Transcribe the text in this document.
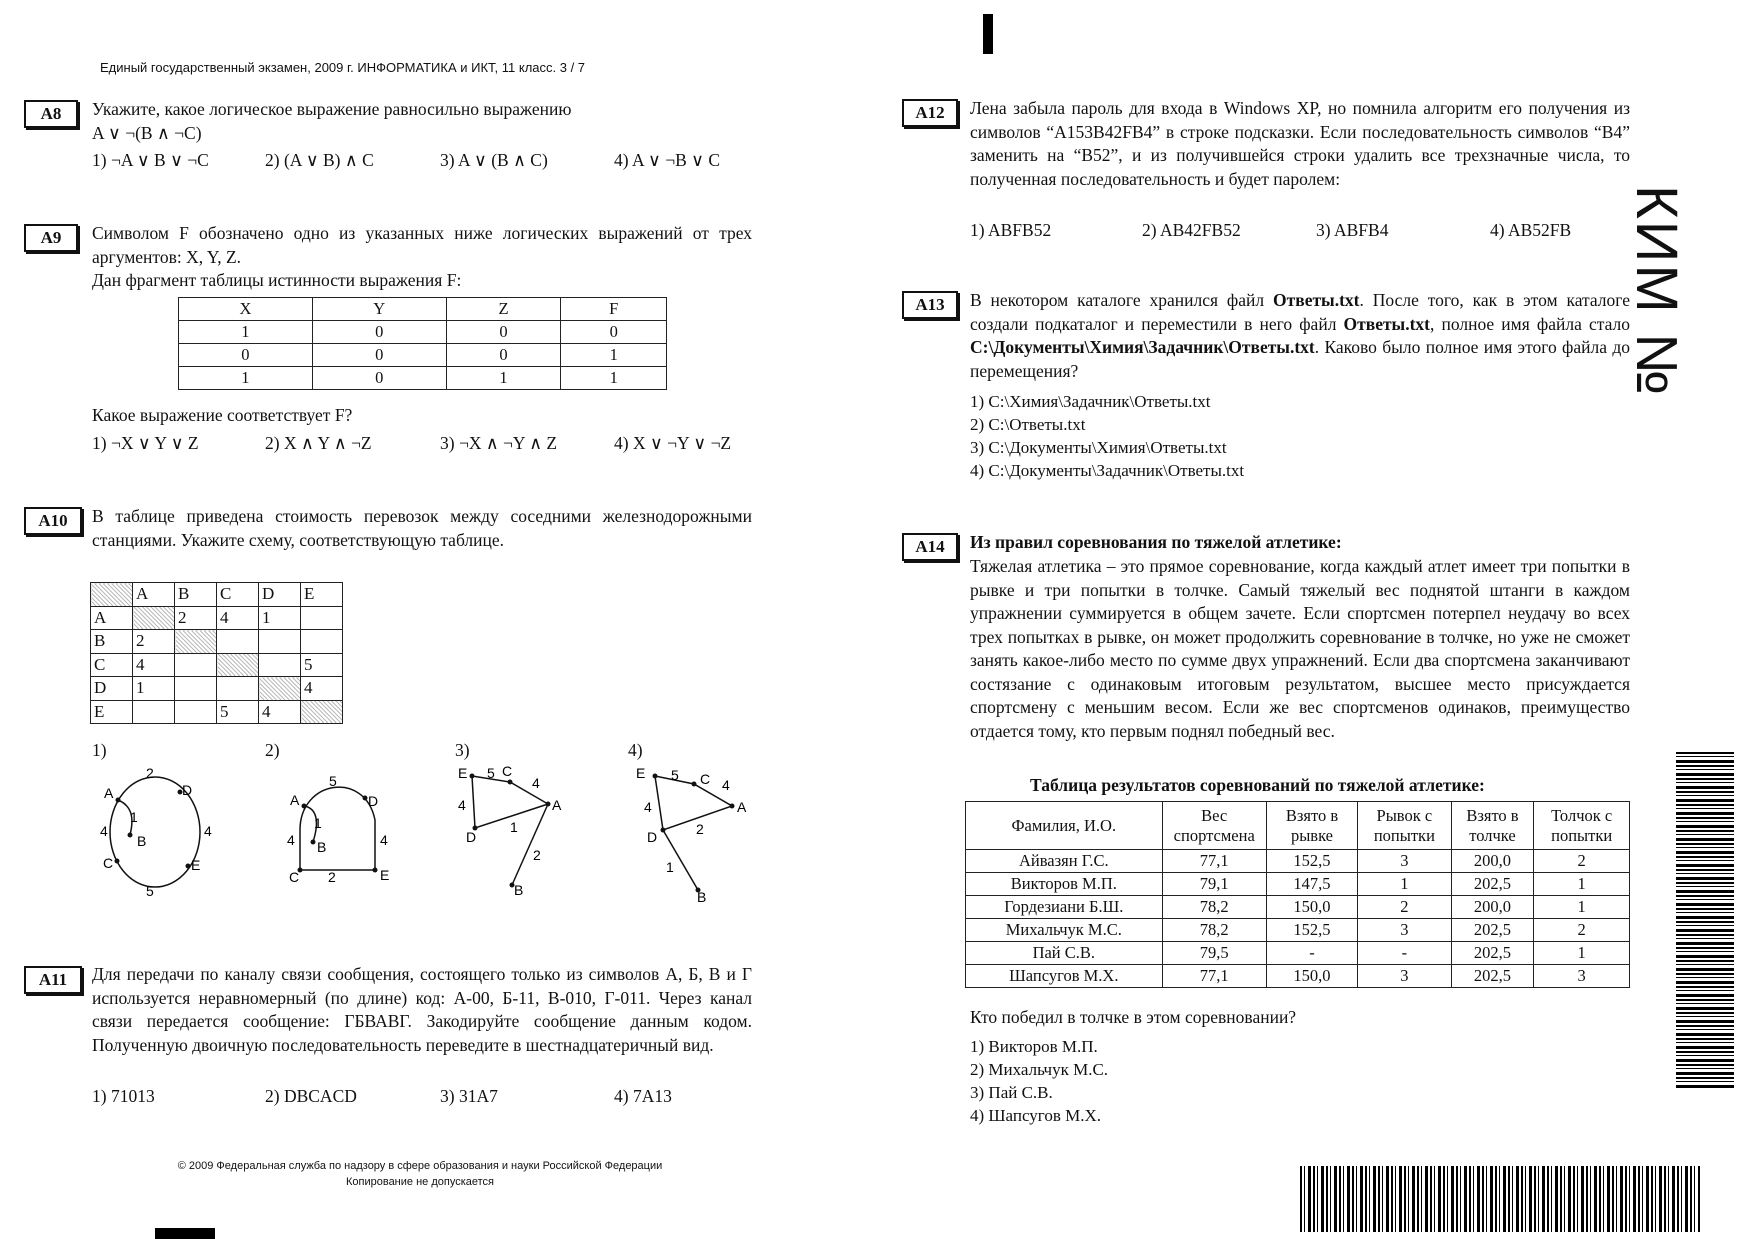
Единый государственный экзамен, 2009 г. ИНФОРМАТИКА и ИКТ, 11 класс. 3 / 7
КИМ №
A8	Укажите, какое логическое выражение равносильно выражению
A ∨ ¬(B ∧ ¬C)
1) ¬A ∨ B ∨ ¬C	2) (A ∨ B) ∧ C	3) A ∨ (B ∧ C)	4) A ∨ ¬B ∨ C
A9	Символом F обозначено одно из указанных ниже логических выражений от трех аргументов: X, Y, Z.
Дан фрагмент таблицы истинности выражения F:
X	Y	Z	F
1	0	0	0
0	0	0	1
1	0	1	1
Какое выражение соответствует F?
1) ¬X ∨ Y ∨ Z	2) X ∧ Y ∧ ¬Z	3) ¬X ∧ ¬Y ∧ Z	4) X ∨ ¬Y ∨ ¬Z
A10	В таблице приведена стоимость перевозок между соседними железнодорожными станциями. Укажите схему, соответствующую таблице.
	A	B	C	D	E
A		2	4	1	
B	2				
C	4				5
D	1				4
E			5	4	
1)	2)	3)	4)
A
B
C
D
E
2
1
4	4
5
A
B
C
D
E
5
1
4	4
2
E C
A
D
B
5
4
4
1
2
E	C
A
D
B
5
4
4
2
1
A11	Для передачи по каналу связи сообщения, состоящего только из символов А, Б, В и Г используется неравномерный (по длине) код: А-00, Б-11, В-010, Г-011. Через канал связи передается сообщение: ГБВАВГ. Закодируйте сообщение данным кодом. Полученную двоичную последовательность переведите в шестнадцатеричный вид.
1) 71013	2) DBCACD	3) 31A7	4) 7A13
© 2009 Федеральная служба по надзору в сфере образования и науки Российской Федерации
Копирование не допускается
A12	Лена забыла пароль для входа в Windows XP, но помнила алгоритм его получения из символов “A153B42FB4” в строке подсказки. Если последовательность символов “B4” заменить на “B52”, и из получившейся строки удалить все трехзначные числа, то полученная последовательность и будет паролем:
1) ABFB52	2) AB42FB52	3) ABFB4	4) AB52FB
A13	В некотором каталоге хранился файл Ответы.txt. После того, как в этом каталоге создали подкаталог и переместили в него файл Ответы.txt, полное имя файла стало C:\Документы\Химия\Задачник\Ответы.txt. Каково было полное имя этого файла до перемещения?
1) C:\Химия\Задачник\Ответы.txt
2) C:\Ответы.txt
3) C:\Документы\Химия\Ответы.txt
4) C:\Документы\Задачник\Ответы.txt
A14	Из правил соревнования по тяжелой атлетике:
Тяжелая атлетика – это прямое соревнование, когда каждый атлет имеет три попытки в рывке и три попытки в толчке. Самый тяжелый вес поднятой штанги в каждом упражнении суммируется в общем зачете. Если спортсмен потерпел неудачу во всех трех попытках в рывке, он может продолжить соревнование в толчке, но уже не сможет занять какое-либо место по сумме двух упражнений. Если два спортсмена заканчивают состязание с одинаковым итоговым результатом, высшее место присуждается спортсмену с меньшим весом. Если же вес спортсменов одинаков, преимущество отдается тому, кто первым поднял победный вес.
Таблица результатов соревнований по тяжелой атлетике:
Фамилия, И.О.	Вес спортсмена	Взято в рывке	Рывок с попытки	Взято в толчке	Толчок с попытки
Айвазян Г.С.	77,1	152,5	3	200,0	2
Викторов М.П.	79,1	147,5	1	202,5	1
Гордезиани Б.Ш.	78,2	150,0	2	200,0	1
Михальчук М.С.	78,2	152,5	3	202,5	2
Пай С.В.	79,5	-	-	202,5	1
Шапсугов М.Х.	77,1	150,0	3	202,5	3
Кто победил в толчке в этом соревновании?
1) Викторов М.П.
2) Михальчук М.С.
3) Пай С.В.
4) Шапсугов М.Х.
